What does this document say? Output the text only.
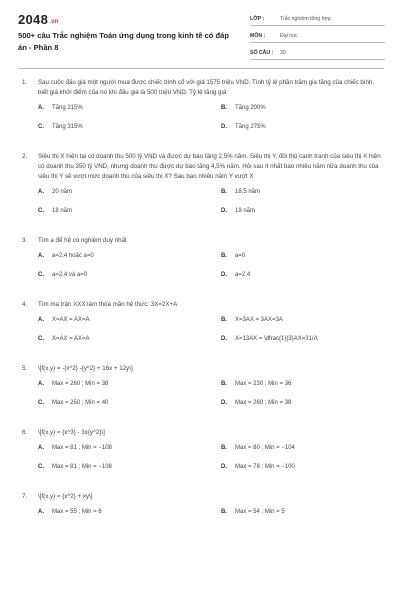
$2048_{.vn}$
500+ câu Trắc nghiệm Toán ứng dụng trong kinh tế có đáp án - Phần 8
LỚP :	Trắc nghiệm tổng hợp
MÔN :	Đại học
SỐ CÂU : 30
1. Sau cuộc đấu giá một người mua được chiếc bình cổ với giá 1575 triệu VND. Tính tỷ lệ phần trăm gia tăng của chiếc bình, biết giá khởi điểm của nó khi đấu giá là 500 triệu VND. Tỷ lệ tăng giá
A. Tăng 215%	B. Tăng 200%
C. Tăng 315%	D. Tăng 275%
2. Siêu thị X hiện tại có doanh thu 500 tỷ VND và được dự báo tăng 2,5% năm. Siêu thị Y, đối thủ cạnh tranh của siêu thị X hiện có doanh thu 350 tỷ VND, nhưng doanh thu được dự báo tăng 4,5% năm. Hỏi sau ít nhất bao nhiêu năm nữa doanh thu của siêu thị Y sẽ vượt mức doanh thu của siêu thị X? Sau bao nhiêu năm Y vượt X
A. 20 năm	B. 18,5 năm
C. 18 năm	D. 19 năm
3. Tìm a để hệ có nghiệm duy nhất
A. a=2,4 hoặc a=0	B. a=0
C. a=2,4 và a=0	D. a=2,4
4. Tìm ma trận XXX làm thỏa mãn hệ thức: 3X=2X+A
A. X=AX = AX=A	B. X=3AX = 3AX=3A
C. X=AX = AX=A	D. X=13AX = \dfrac{1}{3}AX=31/A
5. \[f(x,y) = -{x^2} -{y^2} + 16x + 12y\]
A. Max = 260 ; Min = 38	B. Max = 230 ; Min = 36
C. Max = 250 ; Min = 40	D. Max = 260 ; Min = 38
6. \[f(x,y) = {x^3} - 3x{y^2}\]
A. Max = 81 ; Min = −108	B. Max = 80 ; Min = −104
C. Max = 81 ; Min = −108	D. Max = 78 ; Min = −100
7. \[f(x,y) = {x^2} + xy\]
A. Max = 55 ; Min = 6	B. Max = 54 ; Min = 5
